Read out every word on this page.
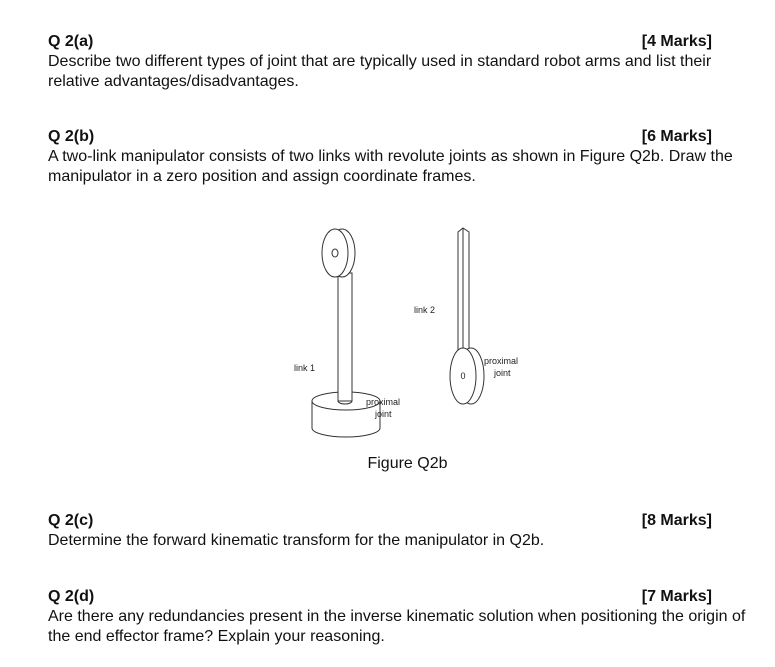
Q 2(a)	[4 Marks]
Describe two different types of joint that are typically used in standard robot arms and list their relative advantages/disadvantages.
Q 2(b)	[6 Marks]
A two-link manipulator consists of two links with revolute joints as shown in Figure Q2b. Draw the manipulator in a zero position and assign coordinate frames.
0
link 2
link 1
proximal
joint
proximal
joint
Figure Q2b
Q 2(c)	[8 Marks]
Determine the forward kinematic transform for the manipulator in Q2b.
Q 2(d)	[7 Marks]
Are there any redundancies present in the inverse kinematic solution when positioning the origin of the end effector frame? Explain your reasoning.
